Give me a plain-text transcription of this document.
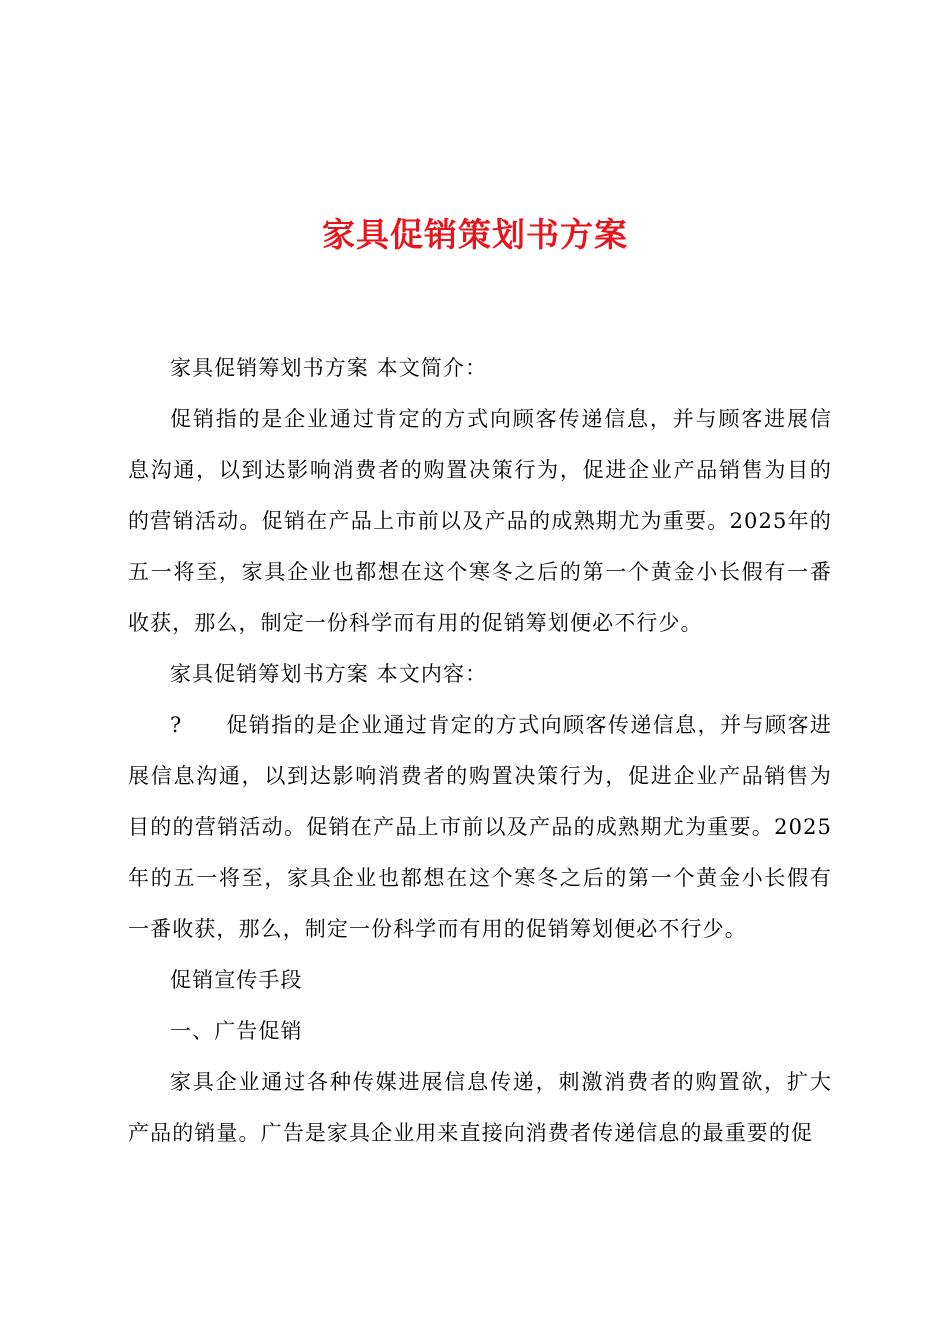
家具促销策划书方案

家具促销筹划书方案 本文简介：

促销指的是企业通过肯定的方式向顾客传递信息，并与顾客进展信息沟通，以到达影响消费者的购置决策行为，促进企业产品销售为目的的营销活动。促销在产品上市前以及产品的成熟期尤为重要。2025年的五一将至，家具企业也都想在这个寒冬之后的第一个黄金小长假有一番收获，那么，制定一份科学而有用的促销筹划便必不行少。

家具促销筹划书方案 本文内容：

? 促销指的是企业通过肯定的方式向顾客传递信息，并与顾客进展信息沟通，以到达影响消费者的购置决策行为，促进企业产品销售为目的的营销活动。促销在产品上市前以及产品的成熟期尤为重要。2025年的五一将至，家具企业也都想在这个寒冬之后的第一个黄金小长假有一番收获，那么，制定一份科学而有用的促销筹划便必不行少。

促销宣传手段

一、广告促销

家具企业通过各种传媒进展信息传递，刺激消费者的购置欲，扩大产品的销量。广告是家具企业用来直接向消费者传递信息的最重要的促
